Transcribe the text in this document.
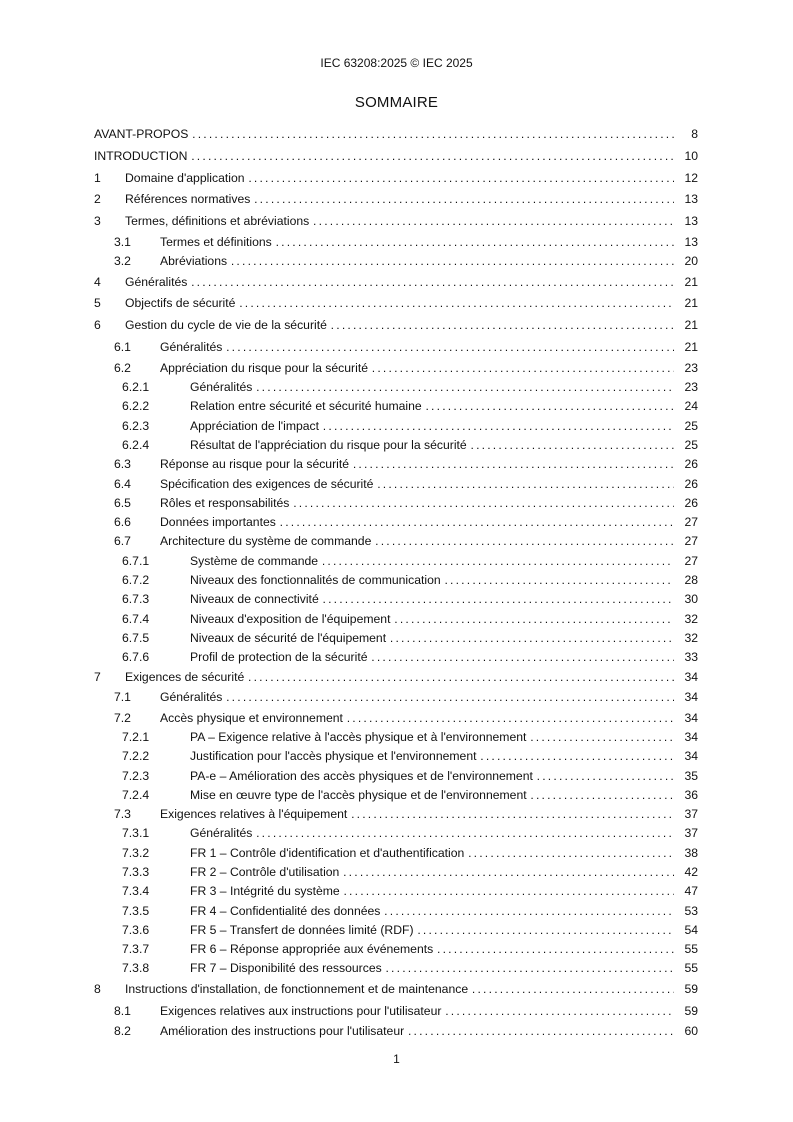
IEC 63208:2025 © IEC 2025
SOMMAIRE
AVANT-PROPOS . . .	8
INTRODUCTION . . .	10
1 Domaine d'application . . .	12
2 Références normatives . . .	13
3 Termes, définitions et abréviations . . .	13
3.1 Termes et définitions . . .	13
3.2 Abréviations . . .	20
4 Généralités . . .	21
5 Objectifs de sécurité . . .	21
6 Gestion du cycle de vie de la sécurité . . .	21
6.1 Généralités . . .	21
6.2 Appréciation du risque pour la sécurité . . .	23
6.2.1	Généralités . . .	23
6.2.2	Relation entre sécurité et sécurité humaine . . .	24
6.2.3	Appréciation de l'impact . . .	25
6.2.4	Résultat de l'appréciation du risque pour la sécurité . . .	25
6.3 Réponse au risque pour la sécurité . . .	26
6.4 Spécification des exigences de sécurité . . .	26
6.5 Rôles et responsabilités . . .	26
6.6 Données importantes . . .	27
6.7 Architecture du système de commande . . .	27
6.7.1	Système de commande . . .	27
6.7.2	Niveaux des fonctionnalités de communication . . .	28
6.7.3	Niveaux de connectivité . . .	30
6.7.4	Niveaux d'exposition de l'équipement . . .	32
6.7.5	Niveaux de sécurité de l'équipement . . .	32
6.7.6	Profil de protection de la sécurité . . .	33
7 Exigences de sécurité . . .	34
7.1 Généralités . . .	34
7.2 Accès physique et environnement . . .	34
7.2.1	PA – Exigence relative à l'accès physique et à l'environnement . . .	34
7.2.2	Justification pour l'accès physique et l'environnement . . .	34
7.2.3	PA-e – Amélioration des accès physiques et de l'environnement . . .	35
7.2.4	Mise en œuvre type de l'accès physique et de l'environnement . . .	36
7.3 Exigences relatives à l'équipement . . .	37
7.3.1	Généralités . . .	37
7.3.2	FR 1 – Contrôle d'identification et d'authentification . . .	38
7.3.3	FR 2 – Contrôle d'utilisation . . .	42
7.3.4	FR 3 – Intégrité du système . . .	47
7.3.5	FR 4 – Confidentialité des données . . .	53
7.3.6	FR 5 – Transfert de données limité (RDF) . . .	54
7.3.7	FR 6 – Réponse appropriée aux événements . . .	55
7.3.8	FR 7 – Disponibilité des ressources . . .	55
8 Instructions d'installation, de fonctionnement et de maintenance . . .	59
8.1 Exigences relatives aux instructions pour l'utilisateur . . .	59
8.2 Amélioration des instructions pour l'utilisateur . . .	60
1
